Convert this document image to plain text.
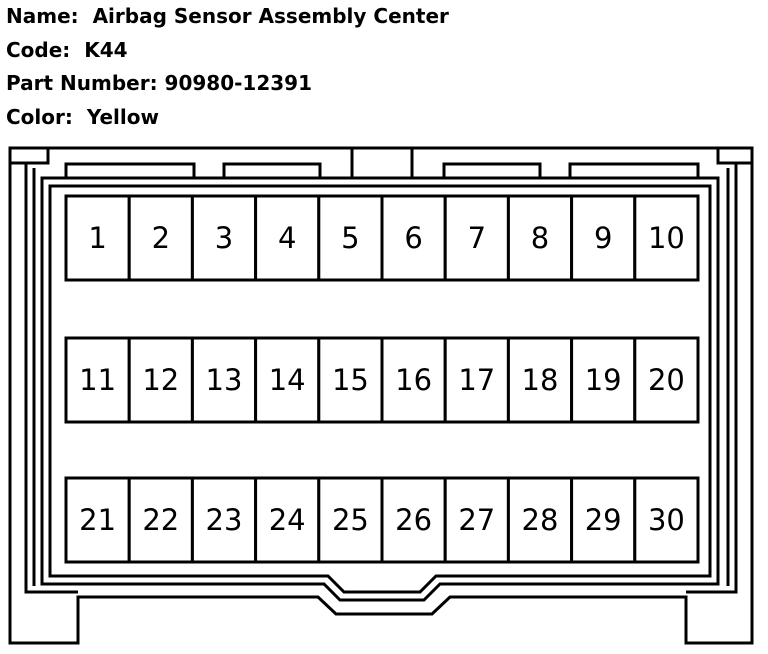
Name: Airbag Sensor Assembly Center
Code: K44
Part Number: 90980-12391
Color: Yellow
1 2 3 4 5 6 7 8 9 10
11 12 13 14 15 16 17 18 19 20
21 22 23 24 25 26 27 28 29 30
